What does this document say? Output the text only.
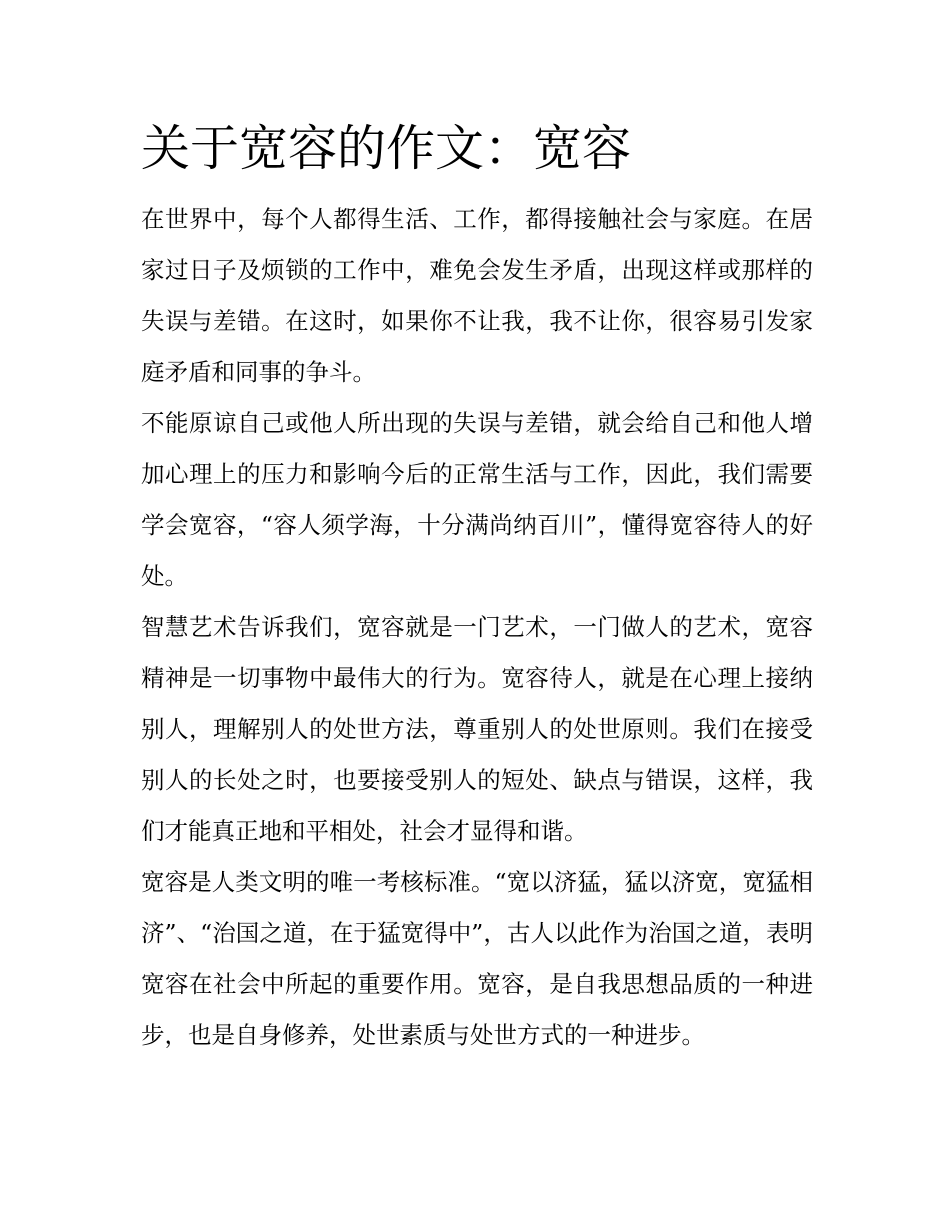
关于宽容的作文：宽容

在世界中，每个人都得生活、工作，都得接触社会与家庭。在居家过日子及烦锁的工作中，难免会发生矛盾，出现这样或那样的失误与差错。在这时，如果你不让我，我不让你，很容易引发家庭矛盾和同事的争斗。

不能原谅自己或他人所出现的失误与差错，就会给自己和他人增加心理上的压力和影响今后的正常生活与工作，因此，我们需要学会宽容，“容人须学海，十分满尚纳百川”，懂得宽容待人的好处。

智慧艺术告诉我们，宽容就是一门艺术，一门做人的艺术，宽容精神是一切事物中最伟大的行为。宽容待人，就是在心理上接纳别人，理解别人的处世方法，尊重别人的处世原则。我们在接受别人的长处之时，也要接受别人的短处、缺点与错误，这样，我们才能真正地和平相处，社会才显得和谐。

宽容是人类文明的唯一考核标准。“宽以济猛，猛以济宽，宽猛相济”、“治国之道，在于猛宽得中”，古人以此作为治国之道，表明宽容在社会中所起的重要作用。宽容，是自我思想品质的一种进步，也是自身修养，处世素质与处世方式的一种进步。
